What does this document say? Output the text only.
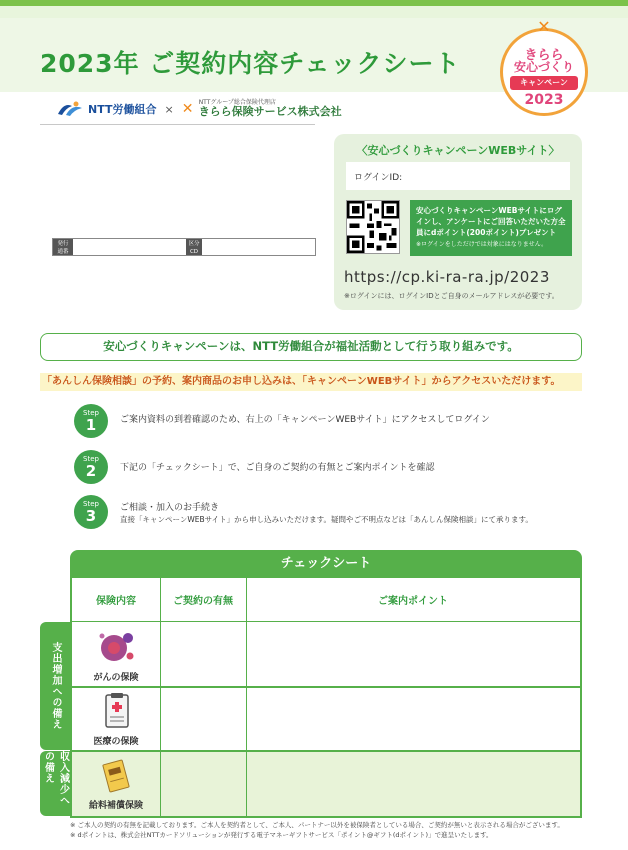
2023年 ご契約内容チェックシート
✕
きらら
安心づくり
キャンペーン
2023
NTT労働組合 × ✕ NTTグループ総合保険代理店
きらら保険サービス株式会社
発行
通番
区分
CD
〈安心づくりキャンペーンWEBサイト〉
ログインID:
安心づくりキャンペーンWEBサイトにログインし、アンケートにご回答いただいた方全員にdポイント(200ポイント)プレゼント
※ログインをしただけでは対象にはなりません。
https://cp.ki-ra-ra.jp/2023
※ログインには、ログインIDとご自身のメールアドレスが必要です。
安心づくりキャンペーンは、NTT労働組合が福祉活動として行う取り組みです。
「あんしん保険相談」の予約、案内商品のお申し込みは、「キャンペーンWEBサイト」からアクセスいただけます。
Step
1	ご案内資料の到着確認のため、右上の「キャンペーンWEBサイト」にアクセスしてログイン
Step
2	下記の「チェックシート」で、ご自身のご契約の有無とご案内ポイントを確認
Step
3	ご相談・加入のお手続き
直接「キャンペーンWEBサイト」から申し込みいただけます。疑問やご不明点などは「あんしん保険相談」にて承ります。
チェックシート
支出増加への備え
収入減少への備え
保険内容	ご契約の有無	ご案内ポイント
がんの保険
医療の保険
給料補償保険
※ ご本人の契約の有無を記載しております。ご本人を契約者として、ご本人、パートナー以外を被保険者としている場合、ご契約が無いと表示される場合がございます。
※ dポイントは、株式会社NTTカードソリューションが発行する電子マネーギフトサービス「ポイント@ギフト(dポイント)」で進呈いたします。
